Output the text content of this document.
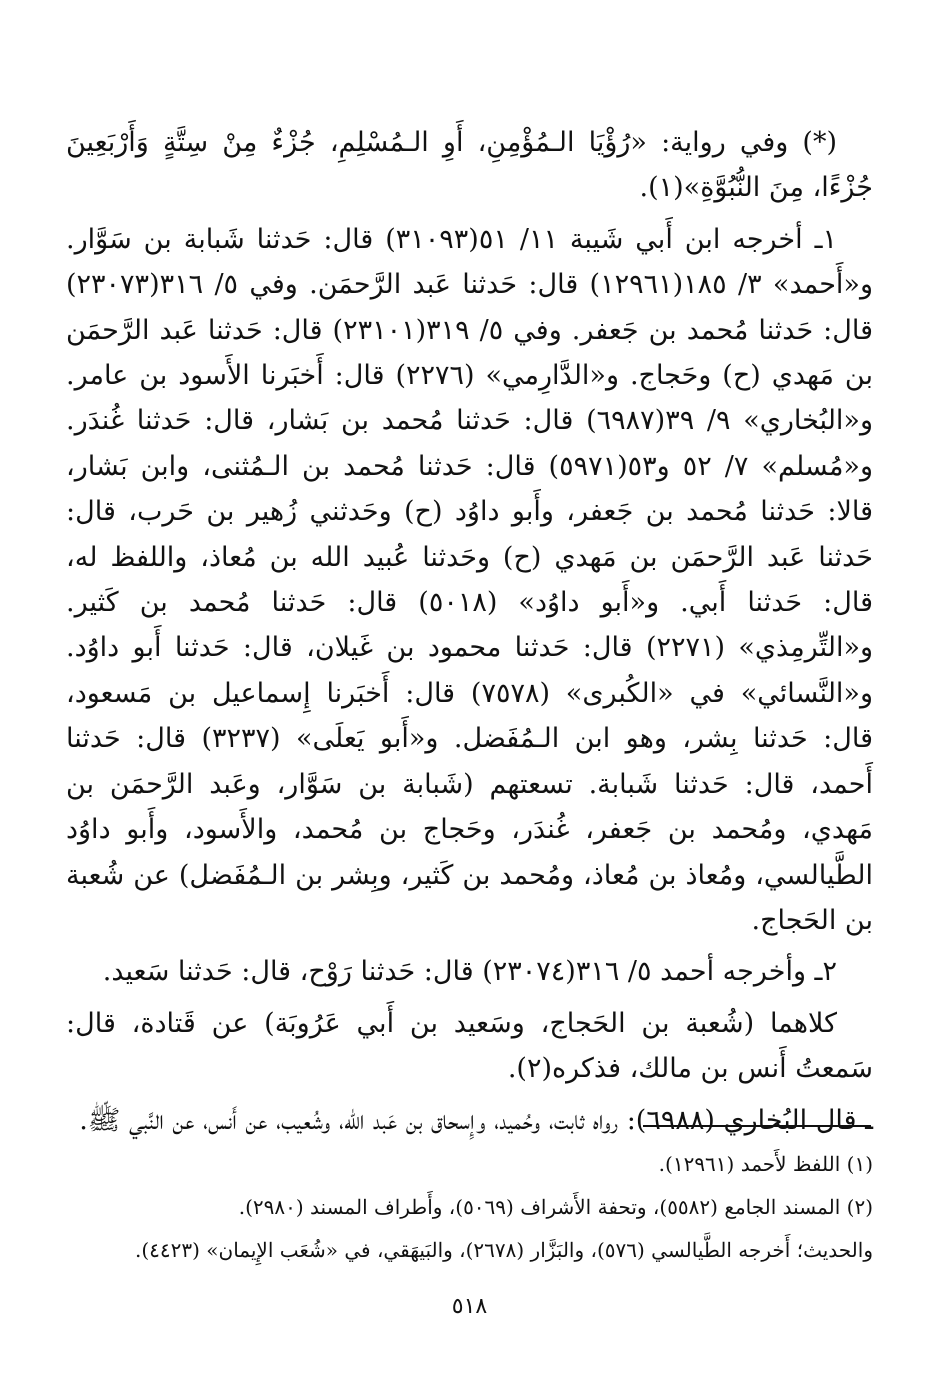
(*) وفي رواية: «رُؤْيَا الـمُؤْمِنِ، أَوِ الـمُسْلِمِ، جُزْءٌ مِنْ سِتَّةٍ وَأَرْبَعِينَ جُزْءًا، مِنَ النُّبُوَّةِ»(١).

١ـ أخرجه ابن أَبي شَيبة ١١/ ٥١(٣١٠٩٣) قال: حَدثنا شَبابة بن سَوَّار. و«أَحمد» ٣/ ١٨٥(١٢٩٦١) قال: حَدثنا عَبد الرَّحمَن. وفي ٥/ ٣١٦(٢٣٠٧٣) قال: حَدثنا مُحمد بن جَعفر. وفي ٥/ ٣١٩(٢٣١٠١) قال: حَدثنا عَبد الرَّحمَن بن مَهدي (ح) وحَجاج. و«الدَّارِمي» (٢٢٧٦) قال: أَخبَرنا الأَسود بن عامر. و«البُخاري» ٩/ ٣٩(٦٩٨٧) قال: حَدثنا مُحمد بن بَشار، قال: حَدثنا غُندَر. و«مُسلم» ٧/ ٥٢ و٥٣(٥٩٧١) قال: حَدثنا مُحمد بن الـمُثنى، وابن بَشار، قالا: حَدثنا مُحمد بن جَعفر، وأَبو داوُد (ح) وحَدثني زُهير بن حَرب، قال: حَدثنا عَبد الرَّحمَن بن مَهدي (ح) وحَدثنا عُبيد الله بن مُعاذ، واللفظ له، قال: حَدثنا أَبي. و«أَبو داوُد» (٥٠١٨) قال: حَدثنا مُحمد بن كَثير. و«التِّرمِذي» (٢٢٧١) قال: حَدثنا محمود بن غَيلان، قال: حَدثنا أَبو داوُد. و«النَّسائي» في «الكُبرى» (٧٥٧٨) قال: أَخبَرنا إِسماعيل بن مَسعود، قال: حَدثنا بِشر، وهو ابن الـمُفَضل. و«أَبو يَعلَى» (٣٢٣٧) قال: حَدثنا أَحمد، قال: حَدثنا شَبابة. تسعتهم (شَبابة بن سَوَّار، وعَبد الرَّحمَن بن مَهدي، ومُحمد بن جَعفر، غُندَر، وحَجاج بن مُحمد، والأَسود، وأَبو داوُد الطَّيالسي، ومُعاذ بن مُعاذ، ومُحمد بن كَثير، وبِشر بن الـمُفَضل) عن شُعبة بن الحَجاج.

٢ـ وأخرجه أحمد ٥/ ٣١٦(٢٣٠٧٤) قال: حَدثنا رَوْح، قال: حَدثنا سَعيد.

كلاهما (شُعبة بن الحَجاج، وسَعيد بن أَبي عَرُوبَة) عن قَتادة، قال: سَمعتُ أَنس بن مالك، فذكره(٢).

ـ قال البُخاري (٦٩٨٨): رواه ثابت، وحُميد، وإِسحاق بن عَبد الله، وشُعيب، عن أَنس، عن النَّبي ﷺ.

(١) اللفظ لأَحمد (١٢٩٦١).

(٢) المسند الجامع (٥٥٨٢)، وتحفة الأَشراف (٥٠٦٩)، وأَطراف المسند (٢٩٨٠).

والحديث؛ أَخرجه الطَّيالسي (٥٧٦)، والبَزَّار (٢٦٧٨)، والبَيهَقي، في «شُعَب الإِيمان» (٤٤٢٣).

٥١٨
